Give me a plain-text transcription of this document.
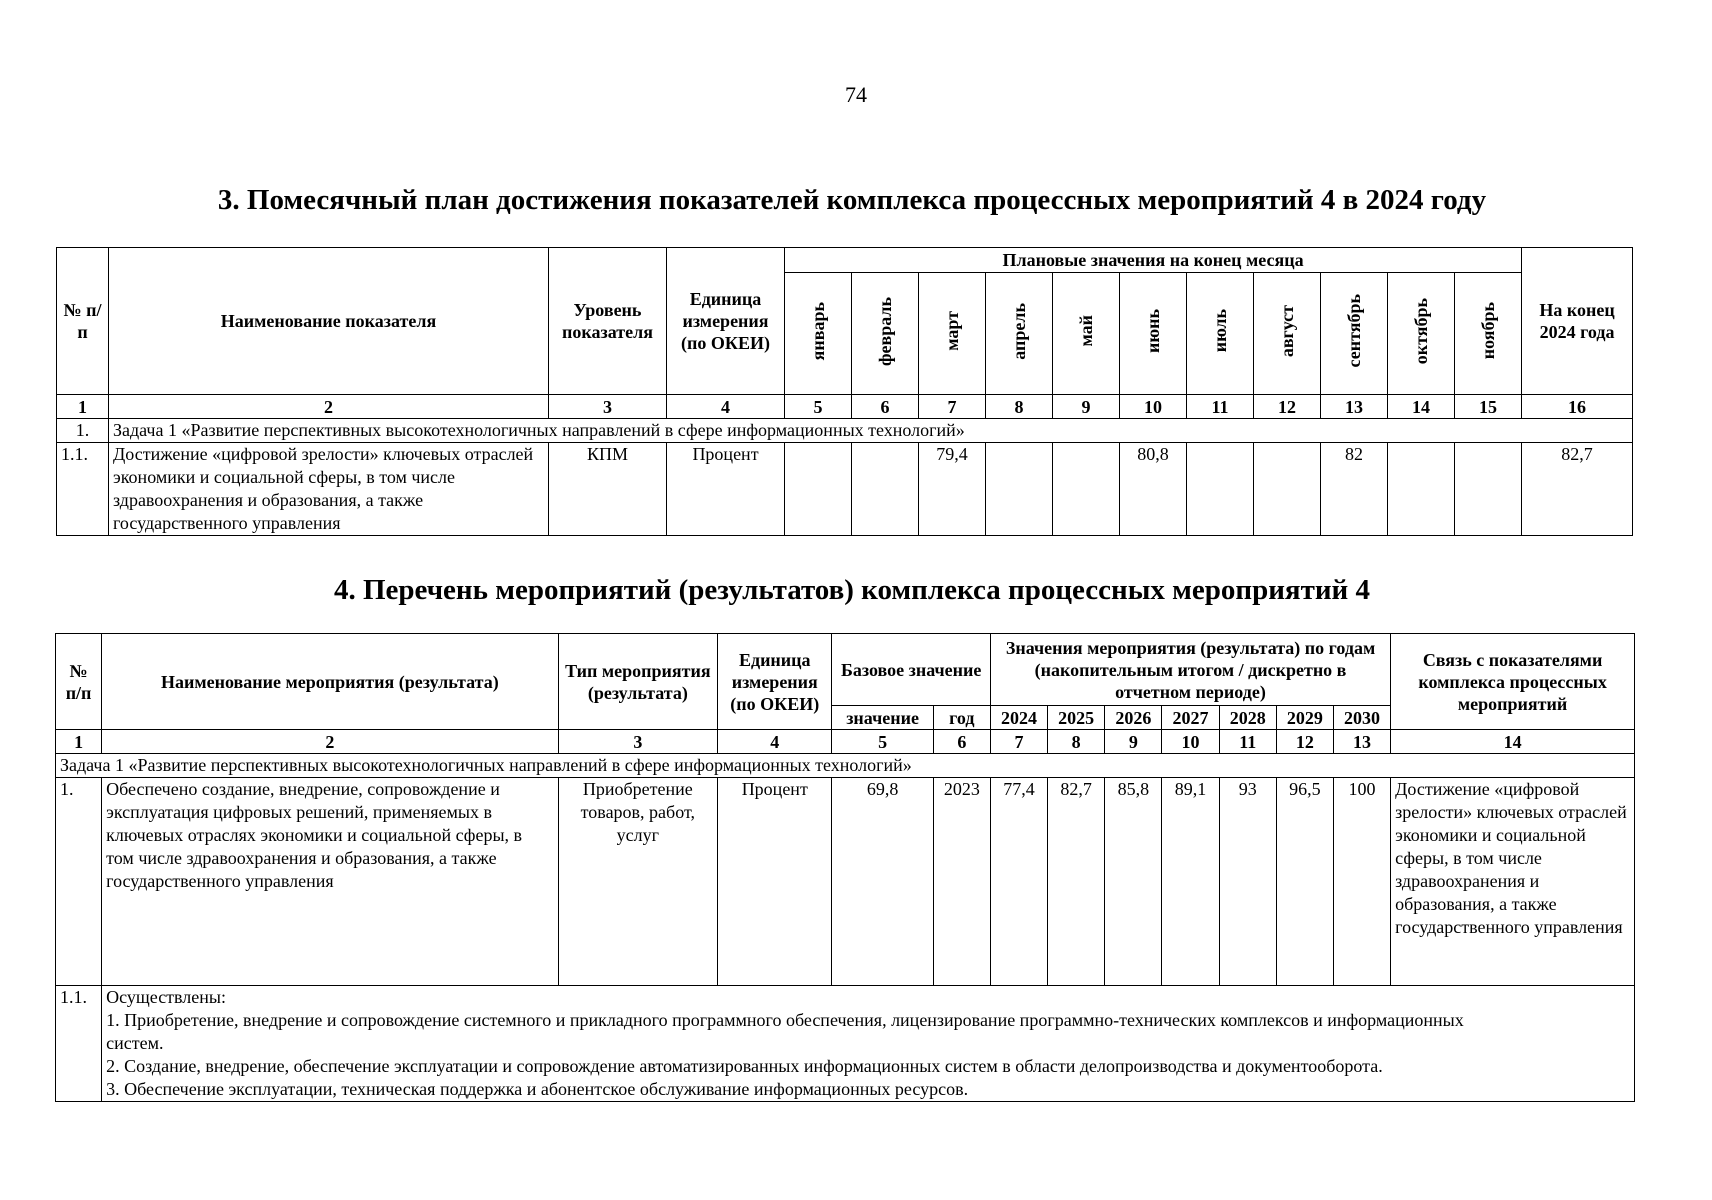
74
3. Помесячный план достижения показателей комплекса процессных мероприятий 4 в 2024 году
№ п/п	Наименование показателя	Уровень показателя	Единица измерения (по ОКЕИ)	Плановые значения на конец месяца											На конец 2024 года
				январь	февраль	март	апрель	май	июнь	июль	август	сентябрь	октябрь	ноябрь	
1	2	3	4	5	6	7	8	9	10	11	12	13	14	15	16
1.	Задача 1 «Развитие перспективных высокотехнологичных направлений в сфере информационных технологий»														
1.1.	Достижение «цифровой зрелости» ключевых отраслей экономики и социальной сферы, в том числе здравоохранения и образования, а также государственного управления	КПМ	Процент			79,4			80,8			82			82,7
4. Перечень мероприятий (результатов) комплекса процессных мероприятий 4
№ п/п	Наименование мероприятия (результата)	Тип мероприятия (результата)	Единица измерения (по ОКЕИ)	Базовое значение		Значения мероприятия (результата) по годам (накопительным итогом / дискретно в отчетном периоде)							Связь с показателями комплекса процессных мероприятий
				значение	год	2024	2025	2026	2027	2028	2029	2030	
1	2	3	4	5	6	7	8	9	10	11	12	13	14
Задача 1 «Развитие перспективных высокотехнологичных направлений в сфере информационных технологий»													
1.	Обеспечено создание, внедрение, сопровождение и эксплуатация цифровых решений, применяемых в ключевых отраслях экономики и социальной сферы, в том числе здравоохранения и образования, а также государственного управления	Приобретение товаров, работ, услуг	Процент	69,8	2023	77,4	82,7	85,8	89,1	93	96,5	100	Достижение «цифровой зрелости» ключевых отраслей экономики и социальной сферы, в том числе здравоохранения и образования, а также государственного управления
1.1.	Осуществлены:
1. Приобретение, внедрение и сопровождение системного и прикладного программного обеспечения, лицензирование программно-технических комплексов и информационных систем.
2. Создание, внедрение, обеспечение эксплуатации и сопровождение автоматизированных информационных систем в области делопроизводства и документооборота.
3. Обеспечение эксплуатации, техническая поддержка и абонентское обслуживание информационных ресурсов.												
